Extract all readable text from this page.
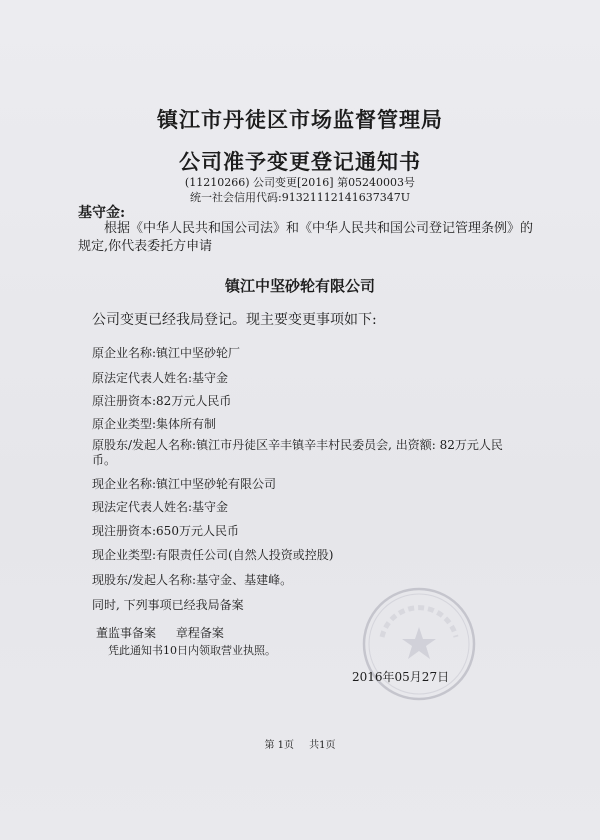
镇江市丹徒区市场监督管理局
公司准予变更登记通知书
(11210266) 公司变更[2016] 第05240003号
统一社会信用代码:913211121416373​47U
基守金:
根据《中华人民共和国公司法》和《中华人民共和国公司登记管理条例》的规定,你代表委托方申请
镇江中坚砂轮有限公司
公司变更已经我局登记。现主要变更事项如下:
原企业名称:镇江中坚砂轮厂
原法定代表人姓名:基守金
原注册资本:82万元人民币
原企业类型:集体所有制
原股东/发起人名称:镇江市丹徒区辛丰镇辛丰村民委员会, 出资额: 82万元人民币。
现企业名称:镇江中坚砂轮有限公司
现法定代表人姓名:基守金
现注册资本:650万元人民币
现企业类型:有限责任公司(自然人投资或控股)
现股东/发起人名称:基守金、基建峰。
同时, 下列事项已经我局备案
董监事备案 章程备案
凭此通知书10日内领取营业执照。
2016年05月27日
第 1页 共1页
